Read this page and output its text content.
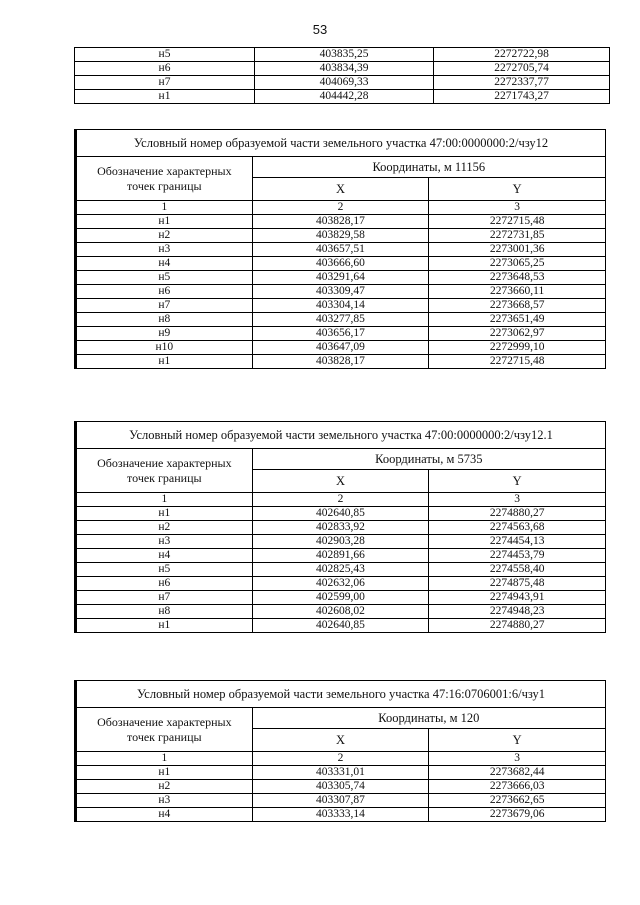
53
н5	403835,25	2272722,98
н6	403834,39	2272705,74
н7	404069,33	2272337,77
н1	404442,28	2271743,27
Условный номер образуемой части земельного участка 47:00:0000000:2/чзу12		
Обозначение характерных
точек границы	Координаты, м 11156	
	X	Y
1	2	3
н1	403828,17	2272715,48
н2	403829,58	2272731,85
н3	403657,51	2273001,36
н4	403666,60	2273065,25
н5	403291,64	2273648,53
н6	403309,47	2273660,11
н7	403304,14	2273668,57
н8	403277,85	2273651,49
н9	403656,17	2273062,97
н10	403647,09	2272999,10
н1	403828,17	2272715,48
Условный номер образуемой части земельного участка 47:00:0000000:2/чзу12.1		
Обозначение характерных
точек границы	Координаты, м 5735	
	X	Y
1	2	3
н1	402640,85	2274880,27
н2	402833,92	2274563,68
н3	402903,28	2274454,13
н4	402891,66	2274453,79
н5	402825,43	2274558,40
н6	402632,06	2274875,48
н7	402599,00	2274943,91
н8	402608,02	2274948,23
н1	402640,85	2274880,27
Условный номер образуемой части земельного участка 47:16:0706001:6/чзу1		
Обозначение характерных
точек границы	Координаты, м 120	
	X	Y
1	2	3
н1	403331,01	2273682,44
н2	403305,74	2273666,03
н3	403307,87	2273662,65
н4	403333,14	2273679,06
